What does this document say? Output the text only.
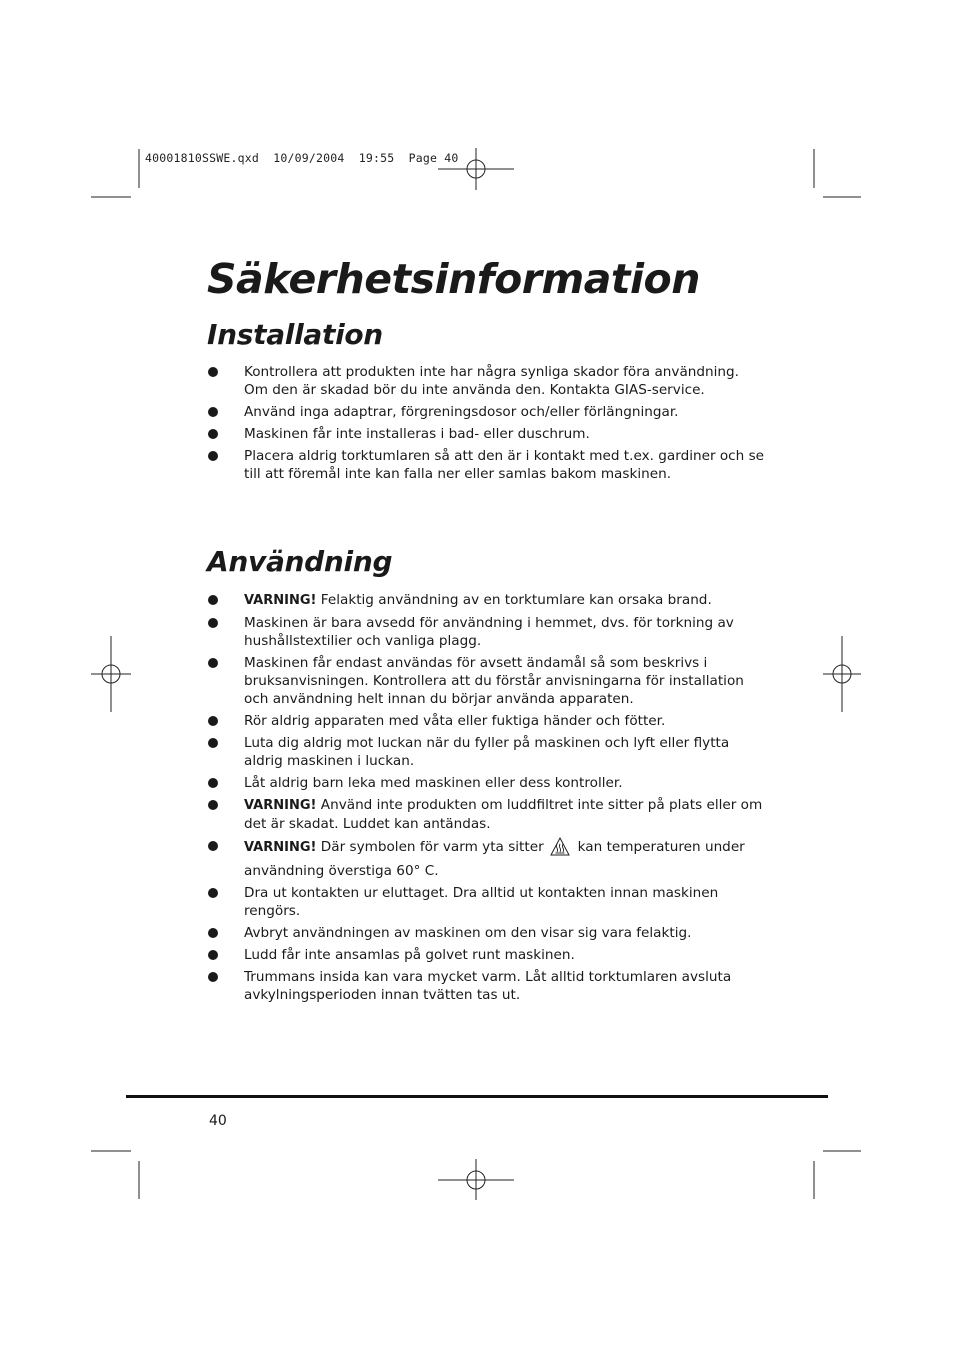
40001810SSWE.qxd  10/09/2004  19:55  Page 40
Säkerhetsinformation
Installation
Kontrollera att produkten inte har några synliga skador föra användning. Om den är skadad bör du inte använda den. Kontakta GIAS-service.
Använd inga adaptrar, förgreningsdosor och/eller förlängningar.
Maskinen får inte installeras i bad- eller duschrum.
Placera aldrig torktumlaren så att den är i kontakt med t.ex. gardiner och se till att föremål inte kan falla ner eller samlas bakom maskinen.
Användning
VARNING! Felaktig användning av en torktumlare kan orsaka brand.
Maskinen är bara avsedd för användning i hemmet, dvs. för torkning av hushållstextilier och vanliga plagg.
Maskinen får endast användas för avsett ändamål så som beskrivs i bruksanvisningen. Kontrollera att du förstår anvisningarna för installation och användning helt innan du börjar använda apparaten.
Rör aldrig apparaten med våta eller fuktiga händer och fötter.
Luta dig aldrig mot luckan när du fyller på maskinen och lyft eller flytta aldrig maskinen i luckan.
Låt aldrig barn leka med maskinen eller dess kontroller.
VARNING! Använd inte produkten om luddfiltret inte sitter på plats eller om det är skadat. Luddet kan antändas.
VARNING! Där symbolen för varm yta sitter	kan temperaturen under användning överstiga 60° C.
Dra ut kontakten ur eluttaget. Dra alltid ut kontakten innan maskinen rengörs.
Avbryt användningen av maskinen om den visar sig vara felaktig.
Ludd får inte ansamlas på golvet runt maskinen.
Trummans insida kan vara mycket varm. Låt alltid torktumlaren avsluta avkylningsperioden innan tvätten tas ut.
40
